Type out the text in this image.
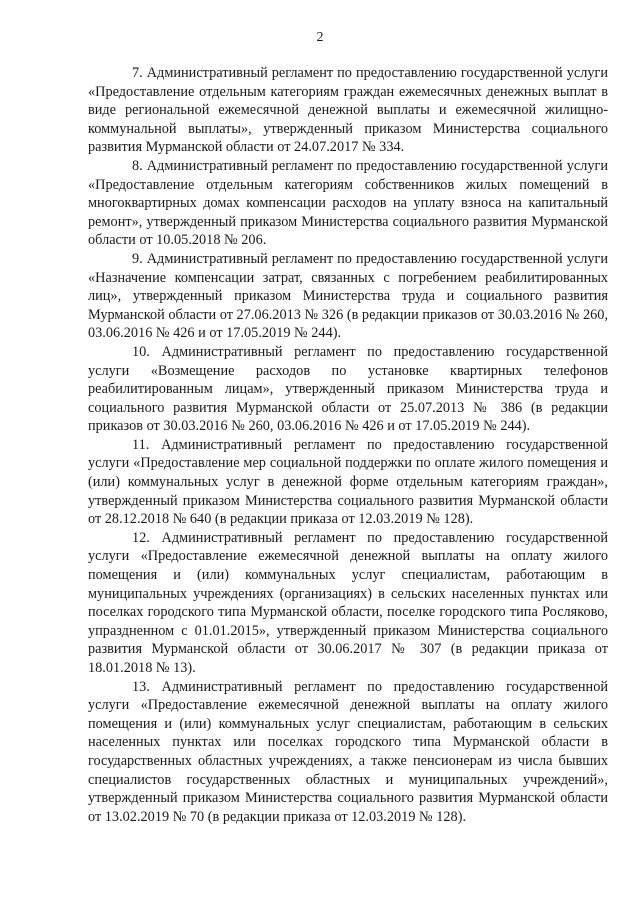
2

7. Административный регламент по предоставлению государственной услуги «Предоставление отдельным категориям граждан ежемесячных денежных выплат в виде региональной ежемесячной денежной выплаты и ежемесячной жилищно-коммунальной выплаты», утвержденный приказом Министерства социального развития Мурманской области от 24.07.2017 № 334.

8. Административный регламент по предоставлению государственной услуги «Предоставление отдельным категориям собственников жилых помещений в многоквартирных домах компенсации расходов на уплату взноса на капитальный ремонт», утвержденный приказом Министерства социального развития Мурманской области от 10.05.2018 № 206.

9. Административный регламент по предоставлению государственной услуги «Назначение компенсации затрат, связанных с погребением реабилитированных лиц», утвержденный приказом Министерства труда и социального развития Мурманской области от 27.06.2013 № 326 (в редакции приказов от 30.03.2016 № 260, 03.06.2016 № 426 и от 17.05.2019 № 244).

10. Административный регламент по предоставлению государственной услуги «Возмещение расходов по установке квартирных телефонов реабилитированным лицам», утвержденный приказом Министерства труда и социального развития Мурманской области от 25.07.2013 № 386 (в редакции приказов от 30.03.2016 № 260, 03.06.2016 № 426 и от 17.05.2019 № 244).

11. Административный регламент по предоставлению государственной услуги «Предоставление мер социальной поддержки по оплате жилого помещения и (или) коммунальных услуг в денежной форме отдельным категориям граждан», утвержденный приказом Министерства социального развития Мурманской области от 28.12.2018 № 640 (в редакции приказа от 12.03.2019 № 128).

12. Административный регламент по предоставлению государственной услуги «Предоставление ежемесячной денежной выплаты на оплату жилого помещения и (или) коммунальных услуг специалистам, работающим в муниципальных учреждениях (организациях) в сельских населенных пунктах или поселках городского типа Мурманской области, поселке городского типа Росляково, упраздненном с 01.01.2015», утвержденный приказом Министерства социального развития Мурманской области от 30.06.2017 № 307 (в редакции приказа от 18.01.2018 № 13).

13. Административный регламент по предоставлению государственной услуги «Предоставление ежемесячной денежной выплаты на оплату жилого помещения и (или) коммунальных услуг специалистам, работающим в сельских населенных пунктах или поселках городского типа Мурманской области в государственных областных учреждениях, а также пенсионерам из числа бывших специалистов государственных областных и муниципальных учреждений», утвержденный приказом Министерства социального развития Мурманской области от 13.02.2019 № 70 (в редакции приказа от 12.03.2019 № 128).
